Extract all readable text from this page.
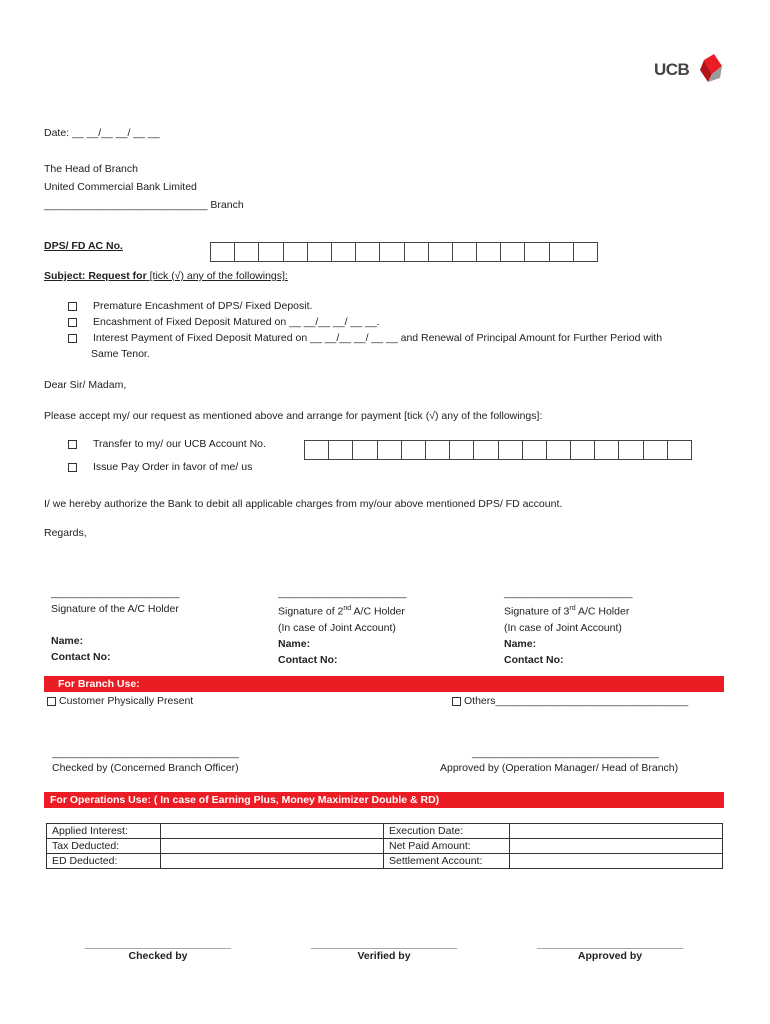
UCB
Date: __ __/__ __/ __ __
The Head of Branch
United Commercial Bank Limited
____________________________ Branch
DPS/ FD AC No.
Subject: Request for [tick (√) any of the followings]:
Premature Encashment of DPS/ Fixed Deposit.
Encashment of Fixed Deposit Matured on __ __/__ __/ __ __.
Interest Payment of Fixed Deposit Matured on __ __/__ __/ __ __ and Renewal of Principal Amount for Further Period with
Same Tenor.
Dear Sir/ Madam,
Please accept my/ our request as mentioned above and arrange for payment [tick (√) any of the followings]:
Transfer to my/ our UCB Account No.
Issue Pay Order in favor of me/ us
I/ we hereby authorize the Bank to debit all applicable charges from my/our above mentioned DPS/ FD account.
Regards,
______________________
Signature of the A/C Holder
Name:
Contact No:
______________________
Signature of 2nd A/C Holder
(In case of Joint Account)
Name:
Contact No:
______________________
Signature of 3rd A/C Holder
(In case of Joint Account)
Name:
Contact No:
For Branch Use:
Customer Physically Present	Others_________________________________
________________________________
Checked by (Concerned Branch Officer)
________________________________
Approved by (Operation Manager/ Head of Branch)
For Operations Use: ( In case of Earning Plus, Money Maximizer Double & RD)
Applied Interest:		Execution Date:	
Tax Deducted:		Net Paid Amount:	
ED Deducted:		Settlement Account:	
_________________________
Checked by
_________________________
Verified by
_________________________
Approved by
